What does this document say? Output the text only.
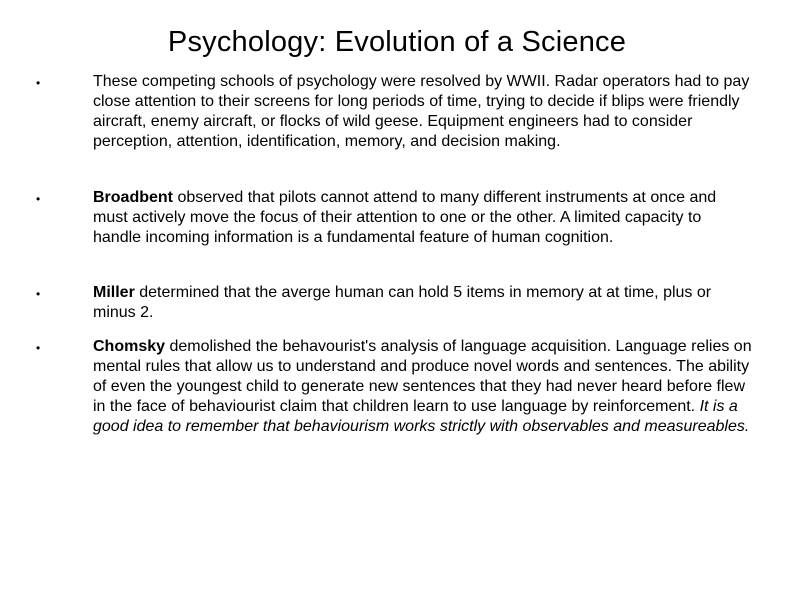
Psychology: Evolution of a Science
•	These competing schools of psychology were resolved by WWII. Radar operators had to pay close attention to their screens for long periods of time, trying to decide if blips were friendly aircraft, enemy aircraft, or flocks of wild geese. Equipment engineers had to consider perception, attention, identification, memory, and decision making.
•	Broadbent observed that pilots cannot attend to many different instruments at once and must actively move the focus of their attention to one or the other. A limited capacity to handle incoming information is a fundamental feature of human cognition.
•	Miller determined that the averge human can hold 5 items in memory at at time, plus or minus 2.
•	Chomsky demolished the behavourist's analysis of language acquisition. Language relies on mental rules that allow us to understand and produce novel words and sentences. The ability of even the youngest child to generate new sentences that they had never heard before flew in the face of behaviourist claim that children learn to use language by reinforcement. It is a good idea to remember that behaviourism works strictly with observables and measureables.
